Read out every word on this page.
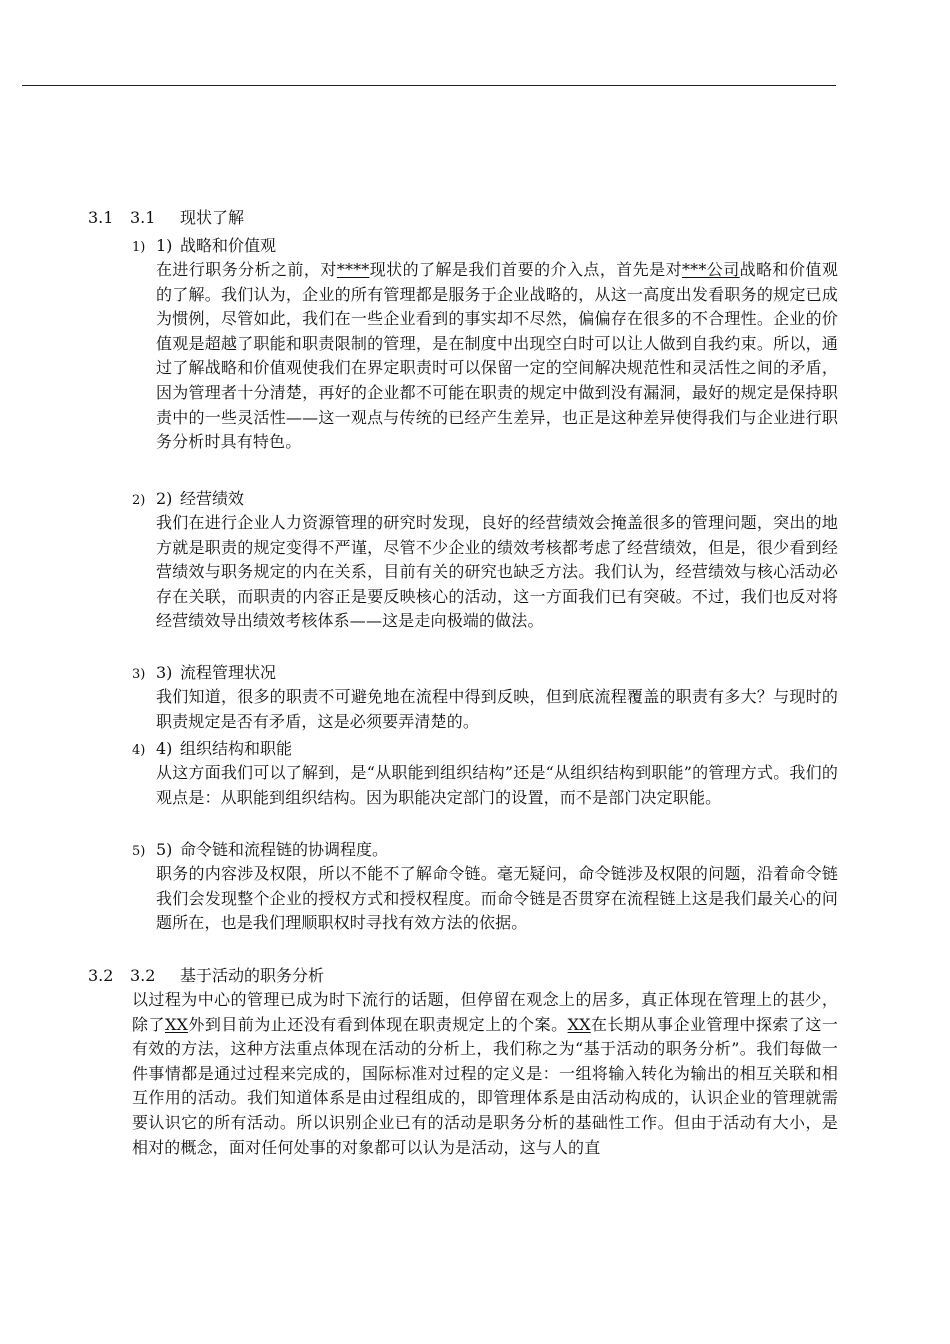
3.1 3.1 现状了解
1) 1) 战略和价值观
在进行职务分析之前，对****现状的了解是我们首要的介入点，首先是对***公司战略和价值观的了解。我们认为，企业的所有管理都是服务于企业战略的，从这一高度出发看职务的规定已成为惯例，尽管如此，我们在一些企业看到的事实却不尽然，偏偏存在很多的不合理性。企业的价值观是超越了职能和职责限制的管理，是在制度中出现空白时可以让人做到自我约束。所以，通过了解战略和价值观使我们在界定职责时可以保留一定的空间解决规范性和灵活性之间的矛盾，因为管理者十分清楚，再好的企业都不可能在职责的规定中做到没有漏洞，最好的规定是保持职责中的一些灵活性——这一观点与传统的已经产生差异，也正是这种差异使得我们与企业进行职务分析时具有特色。
2) 2) 经营绩效
我们在进行企业人力资源管理的研究时发现，良好的经营绩效会掩盖很多的管理问题，突出的地方就是职责的规定变得不严谨，尽管不少企业的绩效考核都考虑了经营绩效，但是，很少看到经营绩效与职务规定的内在关系，目前有关的研究也缺乏方法。我们认为，经营绩效与核心活动必存在关联，而职责的内容正是要反映核心的活动，这一方面我们已有突破。不过，我们也反对将经营绩效导出绩效考核体系——这是走向极端的做法。
3) 3) 流程管理状况
我们知道，很多的职责不可避免地在流程中得到反映，但到底流程覆盖的职责有多大？与现时的职责规定是否有矛盾，这是必须要弄清楚的。
4) 4) 组织结构和职能
从这方面我们可以了解到，是“从职能到组织结构”还是“从组织结构到职能”的管理方式。我们的观点是：从职能到组织结构。因为职能决定部门的设置，而不是部门决定职能。
5) 5) 命令链和流程链的协调程度。
职务的内容涉及权限，所以不能不了解命令链。毫无疑问，命令链涉及权限的问题，沿着命令链我们会发现整个企业的授权方式和授权程度。而命令链是否贯穿在流程链上这是我们最关心的问题所在，也是我们理顺职权时寻找有效方法的依据。
3.2 3.2 基于活动的职务分析
以过程为中心的管理已成为时下流行的话题，但停留在观念上的居多，真正体现在管理上的甚少，除了XX外到目前为止还没有看到体现在职责规定上的个案。XX在长期从事企业管理中探索了这一有效的方法，这种方法重点体现在活动的分析上，我们称之为“基于活动的职务分析”。我们每做一件事情都是通过过程来完成的，国际标准对过程的定义是：一组将输入转化为输出的相互关联和相互作用的活动。我们知道体系是由过程组成的，即管理体系是由活动构成的，认识企业的管理就需要认识它的所有活动。所以识别企业已有的活动是职务分析的基础性工作。但由于活动有大小，是相对的概念，面对任何处事的对象都可以认为是活动，这与人的直
